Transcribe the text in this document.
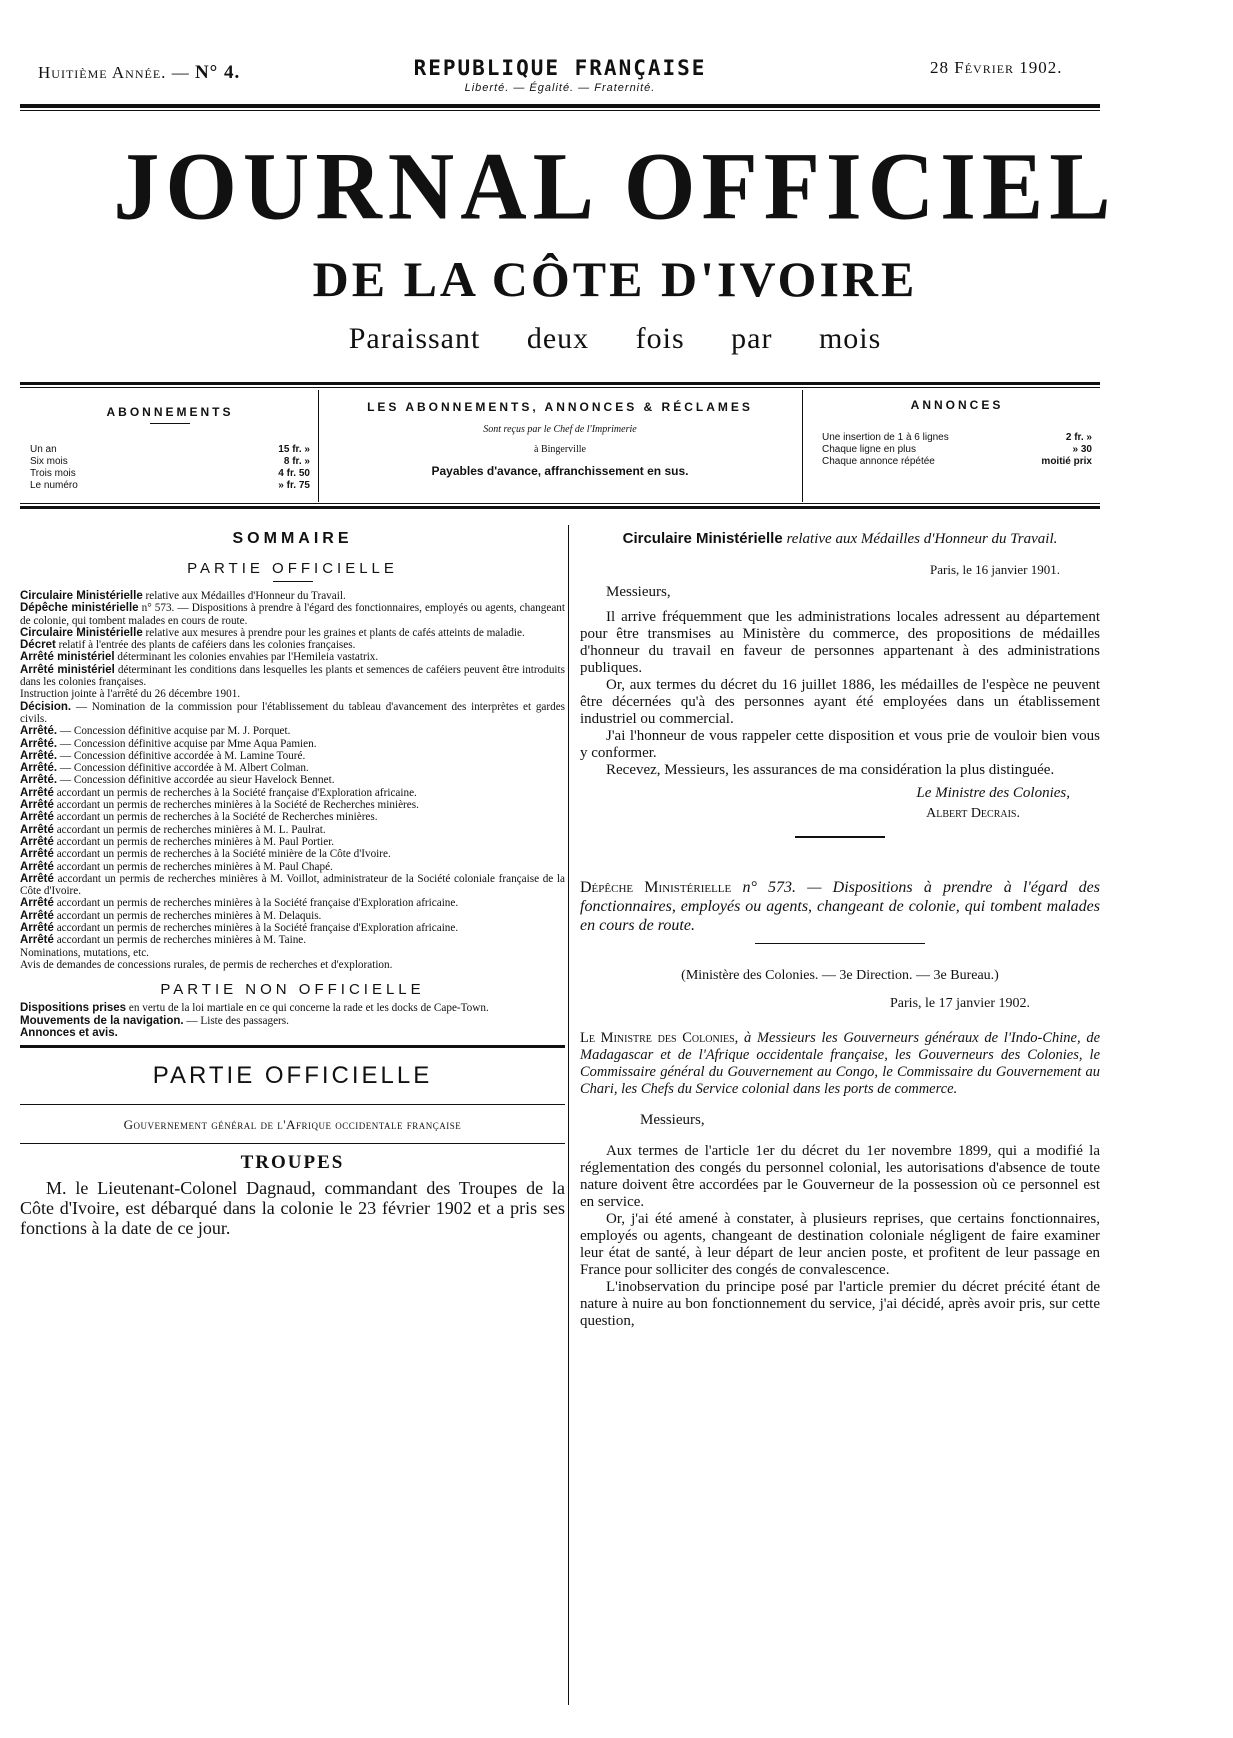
Huitième Année. — N° 4.	REPUBLIQUE FRANÇAISE
Liberté. — Égalité. — Fraternité.
28 Février 1902.
JOURNAL OFFICIEL
DE LA CÔTE D'IVOIRE
Paraissant deux fois par mois
ABONNEMENTS
Un an	15 fr. »
Six mois	8 fr. »
Trois mois	4 fr. 50
Le numéro	» fr. 75
LES ABONNEMENTS, ANNONCES & RÉCLAMES
Sont reçus par le Chef de l'Imprimerie
à Bingerville
Payables d'avance, affranchissement en sus.
ANNONCES
Une insertion de 1 à 6 lignes	2 fr. »
Chaque ligne en plus	» 30
Chaque annonce répétée	moitié prix
SOMMAIRE
PARTIE OFFICIELLE

Circulaire Ministérielle relative aux Médailles d'Honneur du Travail.

Dépêche ministérielle n° 573. — Dispositions à prendre à l'égard des fonctionnaires, employés ou agents, changeant de colonie, qui tombent malades en cours de route.

Circulaire Ministérielle relative aux mesures à prendre pour les graines et plants de cafés atteints de maladie.

Décret relatif à l'entrée des plants de caféiers dans les colonies françaises.

Arrêté ministériel déterminant les colonies envahies par l'Hemileia vastatrix.

Arrêté ministériel déterminant les conditions dans lesquelles les plants et semences de caféiers peuvent être introduits dans les colonies françaises.

Instruction jointe à l'arrêté du 26 décembre 1901.

Décision. — Nomination de la commission pour l'établissement du tableau d'avancement des interprètes et gardes civils.

Arrêté. — Concession définitive acquise par M. J. Porquet.

Arrêté. — Concession définitive acquise par Mme Aqua Pamien.

Arrêté. — Concession définitive accordée à M. Lamine Touré.

Arrêté. — Concession définitive accordée à M. Albert Colman.

Arrêté. — Concession définitive accordée au sieur Havelock Bennet.

Arrêté accordant un permis de recherches à la Société française d'Exploration africaine.

Arrêté accordant un permis de recherches minières à la Société de Recherches minières.

Arrêté accordant un permis de recherches à la Société de Recherches minières.

Arrêté accordant un permis de recherches minières à M. L. Paulrat.

Arrêté accordant un permis de recherches minières à M. Paul Portier.

Arrêté accordant un permis de recherches à la Société minière de la Côte d'Ivoire.

Arrêté accordant un permis de recherches minières à M. Paul Chapé.

Arrêté accordant un permis de recherches minières à M. Voillot, administrateur de la Société coloniale française de la Côte d'Ivoire.

Arrêté accordant un permis de recherches minières à la Société française d'Exploration africaine.

Arrêté accordant un permis de recherches minières à M. Delaquis.

Arrêté accordant un permis de recherches minières à la Société française d'Exploration africaine.

Arrêté accordant un permis de recherches minières à M. Taine.

Nominations, mutations, etc.

Avis de demandes de concessions rurales, de permis de recherches et d'exploration.

PARTIE NON OFFICIELLE

Dispositions prises en vertu de la loi martiale en ce qui concerne la rade et les docks de Cape-Town.

Mouvements de la navigation. — Liste des passagers.

Annonces et avis.

PARTIE OFFICIELLE
Gouvernement général de l'Afrique occidentale française
TROUPES
M. le Lieutenant-Colonel Dagnaud, commandant des Troupes de la Côte d'Ivoire, est débarqué dans la colonie le 23 février 1902 et a pris ses fonctions à la date de ce jour.
Circulaire Ministérielle relative aux Médailles d'Honneur du Travail.
Paris, le 16 janvier 1901.

Messieurs,

Il arrive fréquemment que les administrations locales adressent au département pour être transmises au Ministère du commerce, des propositions de médailles d'honneur du travail en faveur de personnes appartenant à des administrations publiques.

Or, aux termes du décret du 16 juillet 1886, les médailles de l'espèce ne peuvent être décernées qu'à des personnes ayant été employées dans un établissement industriel ou commercial.

J'ai l'honneur de vous rappeler cette disposition et vous prie de vouloir bien vous y conformer.

Recevez, Messieurs, les assurances de ma considération la plus distinguée.

Le Ministre des Colonies,
Albert Decrais.
Dépêche Ministérielle n° 573. — Dispositions à prendre à l'égard des fonctionnaires, employés ou agents, changeant de colonie, qui tombent malades en cours de route.
(Ministère des Colonies. — 3e Direction. — 3e Bureau.)
Paris, le 17 janvier 1902.
Le Ministre des Colonies, à Messieurs les Gouverneurs généraux de l'Indo-Chine, de Madagascar et de l'Afrique occidentale française, les Gouverneurs des Colonies, le Commissaire général du Gouvernement au Congo, le Commissaire du Gouvernement au Chari, les Chefs du Service colonial dans les ports de commerce.

Messieurs,

Aux termes de l'article 1er du décret du 1er novembre 1899, qui a modifié la réglementation des congés du personnel colonial, les autorisations d'absence de toute nature doivent être accordées par le Gouverneur de la possession où ce personnel est en service.

Or, j'ai été amené à constater, à plusieurs reprises, que certains fonctionnaires, employés ou agents, changeant de destination coloniale négligent de faire examiner leur état de santé, à leur départ de leur ancien poste, et profitent de leur passage en France pour solliciter des congés de convalescence.

L'inobservation du principe posé par l'article premier du décret précité étant de nature à nuire au bon fonctionnement du service, j'ai décidé, après avoir pris, sur cette question,
